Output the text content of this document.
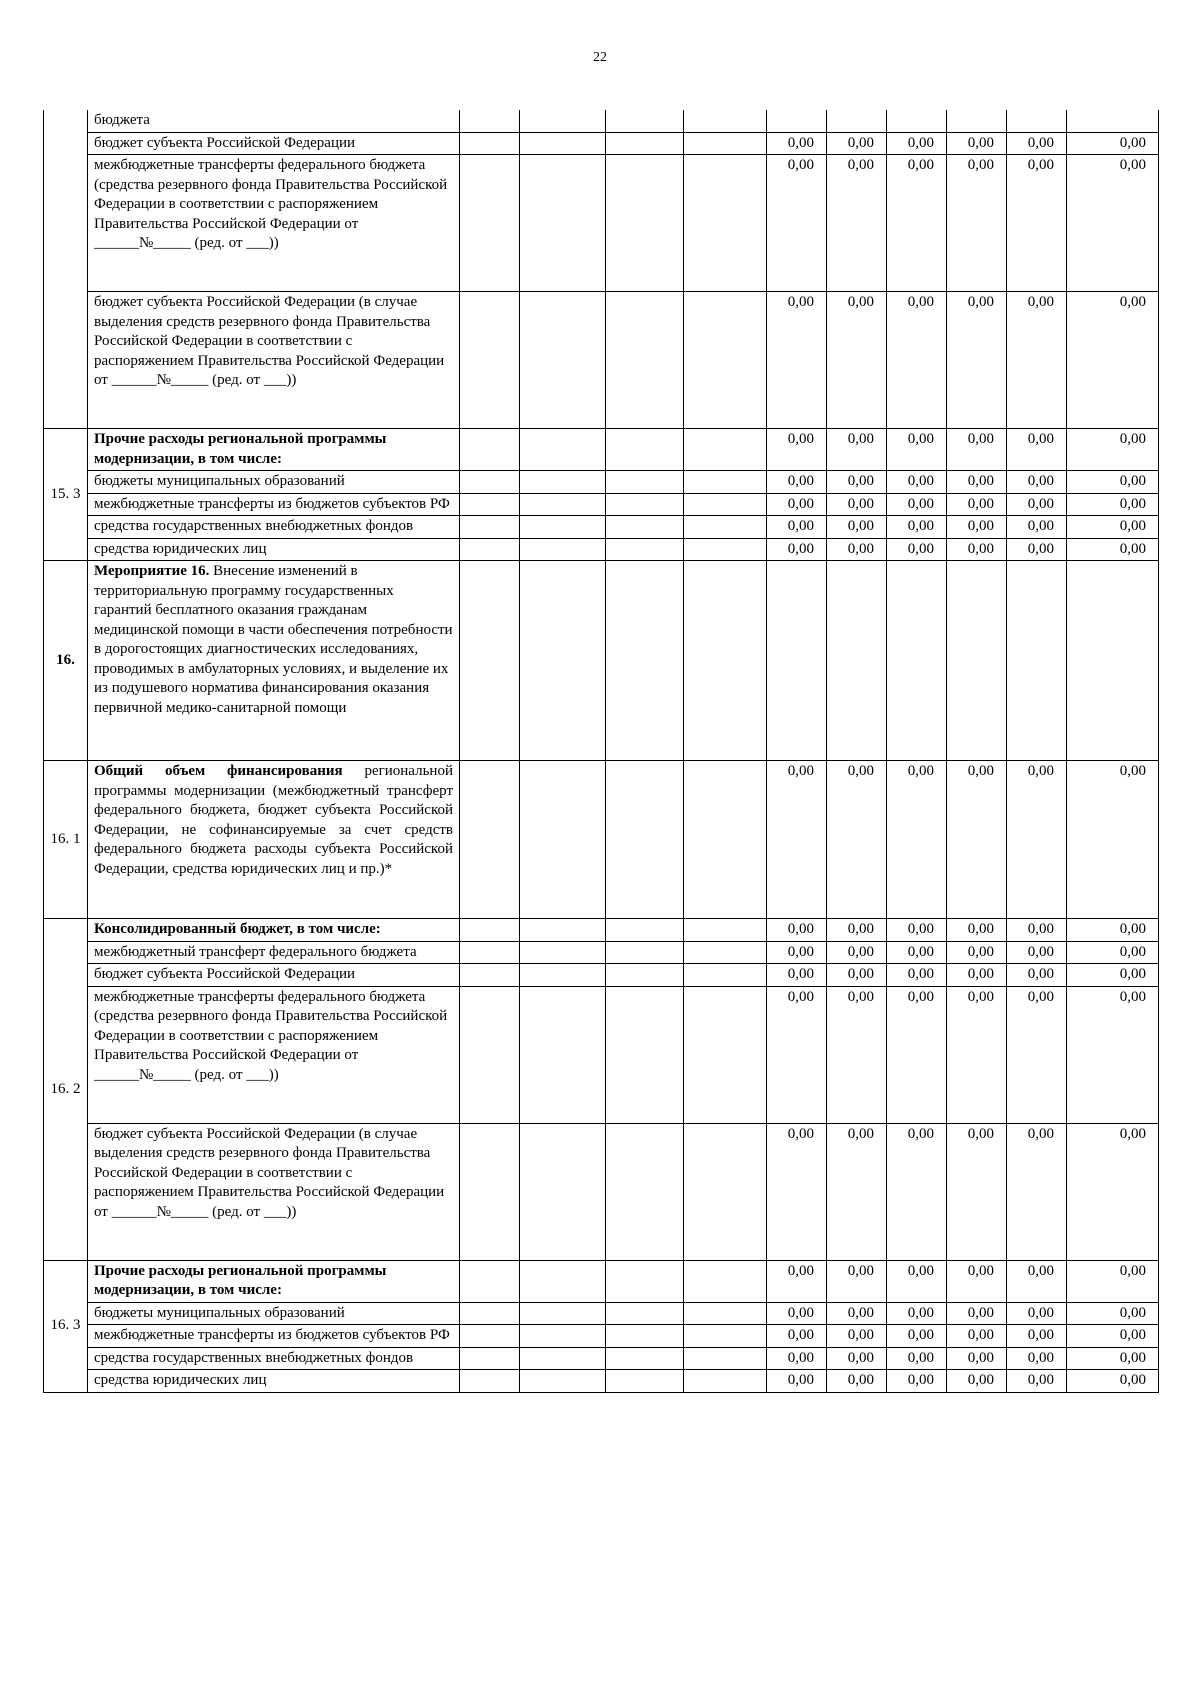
22
	бюджета										
	бюджет субъекта Российской Федерации					0,00	0,00	0,00	0,00	0,00	0,00
	межбюджетные трансферты федерального бюджета (средства резервного фонда Правительства Российской Федерации в соответствии с распоряжением Правительства Российской Федерации от ______№_____ (ред. от ___))					0,00	0,00	0,00	0,00	0,00	0,00
	бюджет субъекта Российской Федерации (в случае выделения средств резервного фонда Правительства Российской Федерации в соответствии с распоряжением Правительства Российской Федерации от ______№_____ (ред. от ___))					0,00	0,00	0,00	0,00	0,00	0,00
15. 3	Прочие расходы региональной программы модернизации, в том числе:					0,00	0,00	0,00	0,00	0,00	0,00
	бюджеты муниципальных образований					0,00	0,00	0,00	0,00	0,00	0,00
	межбюджетные трансферты из бюджетов субъектов РФ					0,00	0,00	0,00	0,00	0,00	0,00
	средства государственных внебюджетных фондов					0,00	0,00	0,00	0,00	0,00	0,00
	средства юридических лиц					0,00	0,00	0,00	0,00	0,00	0,00
16.	Мероприятие 16. Внесение изменений в территориальную программу государственных гарантий бесплатного оказания гражданам медицинской помощи в части обеспечения потребности в дорогостоящих диагностических исследованиях, проводимых в амбулаторных условиях, и выделение их из подушевого норматива финансирования оказания первичной медико-санитарной помощи										
16. 1	Общий объем финансирования региональной программы модернизации (межбюджетный трансферт федерального бюджета, бюджет субъекта Российской Федерации, не софинансируемые за счет средств федерального бюджета расходы субъекта Российской Федерации, средства юридических лиц и пр.)*					0,00	0,00	0,00	0,00	0,00	0,00
16. 2	Консолидированный бюджет, в том числе:					0,00	0,00	0,00	0,00	0,00	0,00
	межбюджетный трансферт федерального бюджета					0,00	0,00	0,00	0,00	0,00	0,00
	бюджет субъекта Российской Федерации					0,00	0,00	0,00	0,00	0,00	0,00
	межбюджетные трансферты федерального бюджета (средства резервного фонда Правительства Российской Федерации в соответствии с распоряжением Правительства Российской Федерации от ______№_____ (ред. от ___))					0,00	0,00	0,00	0,00	0,00	0,00
	бюджет субъекта Российской Федерации (в случае выделения средств резервного фонда Правительства Российской Федерации в соответствии с распоряжением Правительства Российской Федерации от ______№_____ (ред. от ___))					0,00	0,00	0,00	0,00	0,00	0,00
16. 3	Прочие расходы региональной программы модернизации, в том числе:					0,00	0,00	0,00	0,00	0,00	0,00
	бюджеты муниципальных образований					0,00	0,00	0,00	0,00	0,00	0,00
	межбюджетные трансферты из бюджетов субъектов РФ					0,00	0,00	0,00	0,00	0,00	0,00
	средства государственных внебюджетных фондов					0,00	0,00	0,00	0,00	0,00	0,00
	средства юридических лиц					0,00	0,00	0,00	0,00	0,00	0,00
